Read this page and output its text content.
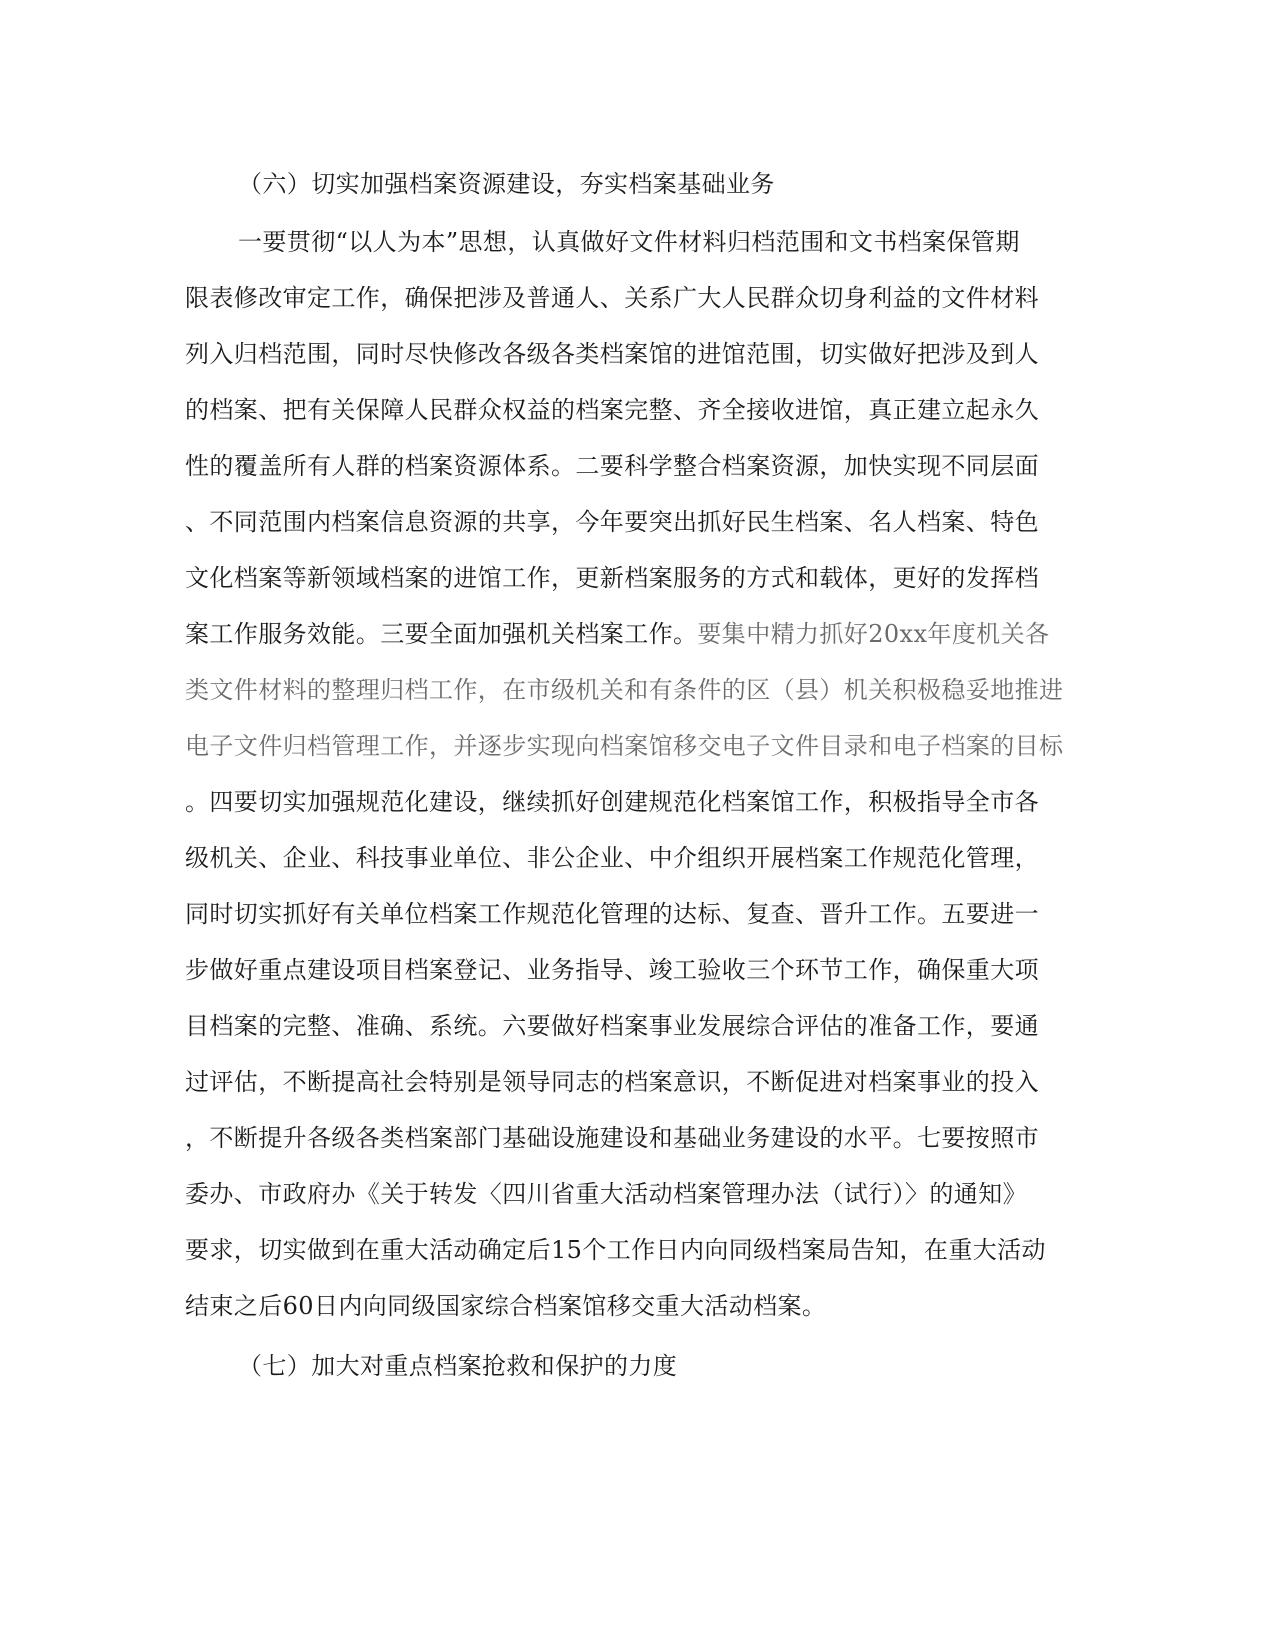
（六）切实加强档案资源建设，夯实档案基础业务
一要贯彻“以人为本”思想，认真做好文件材料归档范围和文书档案保管期
限表修改审定工作，确保把涉及普通人、关系广大人民群众切身利益的文件材料
列入归档范围，同时尽快修改各级各类档案馆的进馆范围，切实做好把涉及到人
的档案、把有关保障人民群众权益的档案完整、齐全接收进馆，真正建立起永久
性的覆盖所有人群的档案资源体系。二要科学整合档案资源，加快实现不同层面
、不同范围内档案信息资源的共享，今年要突出抓好民生档案、名人档案、特色
文化档案等新领域档案的进馆工作，更新档案服务的方式和载体，更好的发挥档
案工作服务效能。三要全面加强机关档案工作。要集中精力抓好20xx年度机关各
类文件材料的整理归档工作，在市级机关和有条件的区（县）机关积极稳妥地推进
电子文件归档管理工作，并逐步实现向档案馆移交电子文件目录和电子档案的目标
。四要切实加强规范化建设，继续抓好创建规范化档案馆工作，积极指导全市各
级机关、企业、科技事业单位、非公企业、中介组织开展档案工作规范化管理，
同时切实抓好有关单位档案工作规范化管理的达标、复查、晋升工作。五要进一
步做好重点建设项目档案登记、业务指导、竣工验收三个环节工作，确保重大项
目档案的完整、准确、系统。六要做好档案事业发展综合评估的准备工作，要通
过评估，不断提高社会特别是领导同志的档案意识，不断促进对档案事业的投入
，不断提升各级各类档案部门基础设施建设和基础业务建设的水平。七要按照市
委办、市政府办《关于转发〈四川省重大活动档案管理办法（试行）〉的通知》
要求，切实做到在重大活动确定后15个工作日内向同级档案局告知，在重大活动
结束之后60日内向同级国家综合档案馆移交重大活动档案。
（七）加大对重点档案抢救和保护的力度
